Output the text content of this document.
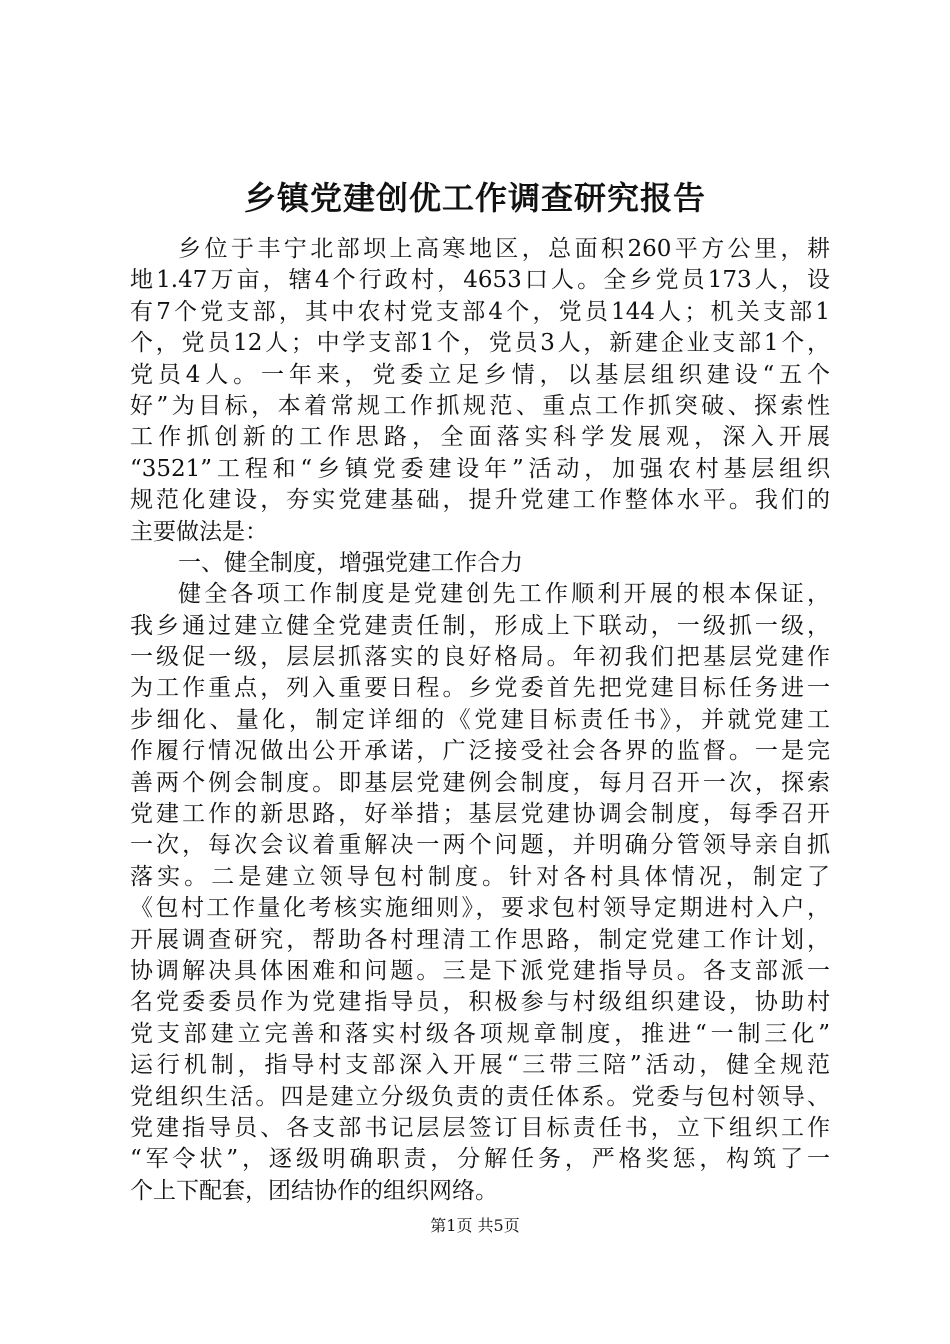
乡镇党建创优工作调查研究报告
乡位于丰宁北部坝上高寒地区，总面积260平方公里，耕
地1.47万亩，辖4个行政村，4653口人。全乡党员173人，设
有7个党支部，其中农村党支部4个，党员144人；机关支部1
个，党员12人；中学支部1个，党员3人，新建企业支部1个，
党员4人。一年来，党委立足乡情，以基层组织建设“五个
好”为目标，本着常规工作抓规范、重点工作抓突破、探索性
工作抓创新的工作思路，全面落实科学发展观，深入开展
“3521”工程和“乡镇党委建设年”活动，加强农村基层组织
规范化建设，夯实党建基础，提升党建工作整体水平。我们的
主要做法是：
一、健全制度，增强党建工作合力
健全各项工作制度是党建创先工作顺利开展的根本保证，
我乡通过建立健全党建责任制，形成上下联动，一级抓一级，
一级促一级，层层抓落实的良好格局。年初我们把基层党建作
为工作重点，列入重要日程。乡党委首先把党建目标任务进一
步细化、量化，制定详细的《党建目标责任书》，并就党建工
作履行情况做出公开承诺，广泛接受社会各界的监督。一是完
善两个例会制度。即基层党建例会制度，每月召开一次，探索
党建工作的新思路，好举措；基层党建协调会制度，每季召开
一次，每次会议着重解决一两个问题，并明确分管领导亲自抓
落实。二是建立领导包村制度。针对各村具体情况，制定了
《包村工作量化考核实施细则》，要求包村领导定期进村入户，
开展调查研究，帮助各村理清工作思路，制定党建工作计划，
协调解决具体困难和问题。三是下派党建指导员。各支部派一
名党委委员作为党建指导员，积极参与村级组织建设，协助村
党支部建立完善和落实村级各项规章制度，推进“一制三化”
运行机制，指导村支部深入开展“三带三陪”活动，健全规范
党组织生活。四是建立分级负责的责任体系。党委与包村领导、
党建指导员、各支部书记层层签订目标责任书，立下组织工作
“军令状”，逐级明确职责，分解任务，严格奖惩，构筑了一
个上下配套，团结协作的组织网络。
第1页 共5页
